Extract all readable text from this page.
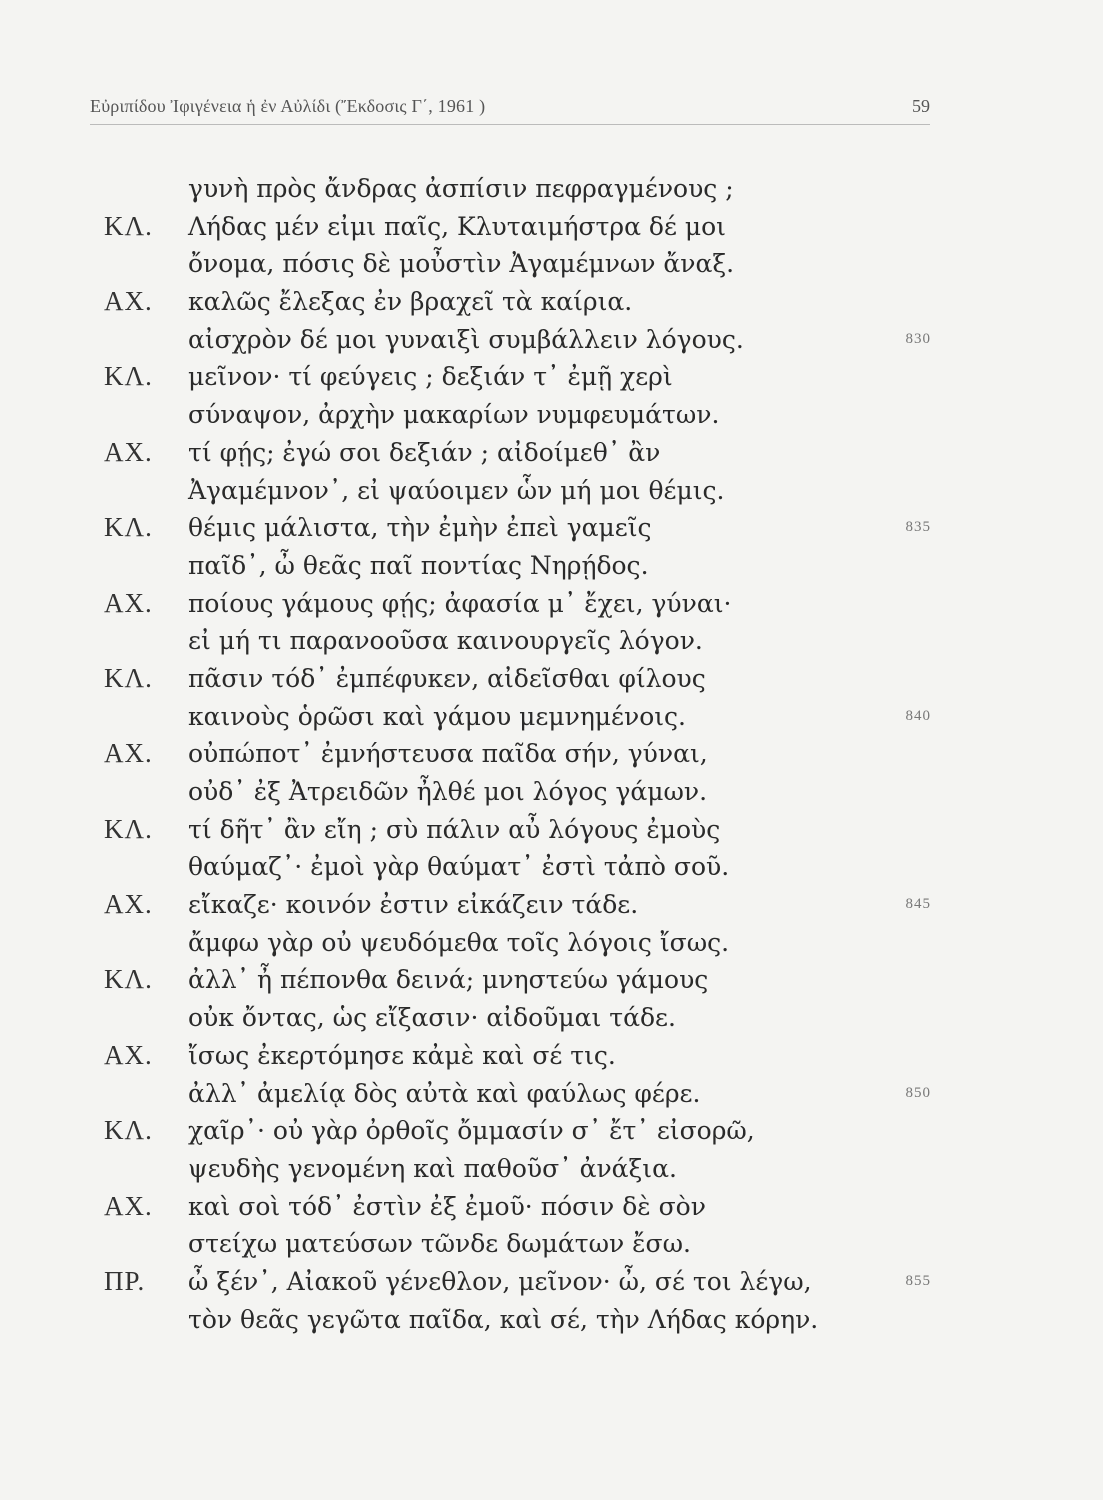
Εὐριπίδου Ἰφιγένεια ἡ ἐν Αὐλίδι (Ἔκδοσις Γ΄, 1961 )	59
γυνὴ πρὸς ἄνδρας ἀσπίσιν πεφραγμένους ;
ΚΛ. Λήδας μέν εἰμι παῖς, Κλυταιμήστρα δέ μοι
ὄνομα, πόσις δὲ μοὖστὶν Ἀγαμέμνων ἄναξ.
ΑΧ. καλῶς ἔλεξας ἐν βραχεῖ τὰ καίρια.
αἰσχρὸν δέ μοι γυναιξὶ συμβάλλειν λόγους.	830
ΚΛ. μεῖνον· τί φεύγεις ; δεξιάν τ᾽ ἐμῇ χερὶ
σύναψον, ἀρχὴν μακαρίων νυμφευμάτων.
ΑΧ. τί φῄς; ἐγώ σοι δεξιάν ; αἰδοίμεθ᾽ ἂν
Ἀγαμέμνον᾽, εἰ ψαύοιμεν ὧν μή μοι θέμις.
ΚΛ. θέμις μάλιστα, τὴν ἐμὴν ἐπεὶ γαμεῖς	835
παῖδ᾽, ὦ θεᾶς παῖ ποντίας Νηρῄδος.
ΑΧ. ποίους γάμους φῄς; ἀφασία μ᾽ ἔχει, γύναι·
εἰ μή τι παρανοοῦσα καινουργεῖς λόγον.
ΚΛ. πᾶσιν τόδ᾽ ἐμπέφυκεν, αἰδεῖσθαι φίλους
καινοὺς ὁρῶσι καὶ γάμου μεμνημένοις.	840
ΑΧ. οὐπώποτ᾽ ἐμνήστευσα παῖδα σήν, γύναι,
οὐδ᾽ ἐξ Ἀτρειδῶν ἦλθέ μοι λόγος γάμων.
ΚΛ. τί δῆτ᾽ ἂν εἴη ; σὺ πάλιν αὖ λόγους ἐμοὺς
θαύμαζ᾽· ἐμοὶ γὰρ θαύματ᾽ ἐστὶ τἀπὸ σοῦ.
ΑΧ. εἴκαζε· κοινόν ἐστιν εἰκάζειν τάδε.	845
ἄμφω γὰρ οὐ ψευδόμεθα τοῖς λόγοις ἴσως.
ΚΛ. ἀλλ᾽ ἦ πέπονθα δεινά; μνηστεύω γάμους
οὐκ ὄντας, ὡς εἴξασιν· αἰδοῦμαι τάδε.
ΑΧ. ἴσως ἐκερτόμησε κἀμὲ καὶ σέ τις.
ἀλλ᾽ ἀμελίᾳ δὸς αὐτὰ καὶ φαύλως φέρε.	850
ΚΛ. χαῖρ᾽· οὐ γὰρ ὀρθοῖς ὄμμασίν σ᾽ ἔτ᾽ εἰσορῶ,
ψευδὴς γενομένη καὶ παθοῦσ᾽ ἀνάξια.
ΑΧ. καὶ σοὶ τόδ᾽ ἐστὶν ἐξ ἐμοῦ· πόσιν δὲ σὸν
στείχω ματεύσων τῶνδε δωμάτων ἔσω.
ΠΡ. ὦ ξέν᾽, Αἰακοῦ γένεθλον, μεῖνον· ὦ, σέ τοι λέγω,	855
τὸν θεᾶς γεγῶτα παῖδα, καὶ σέ, τὴν Λήδας κόρην.
